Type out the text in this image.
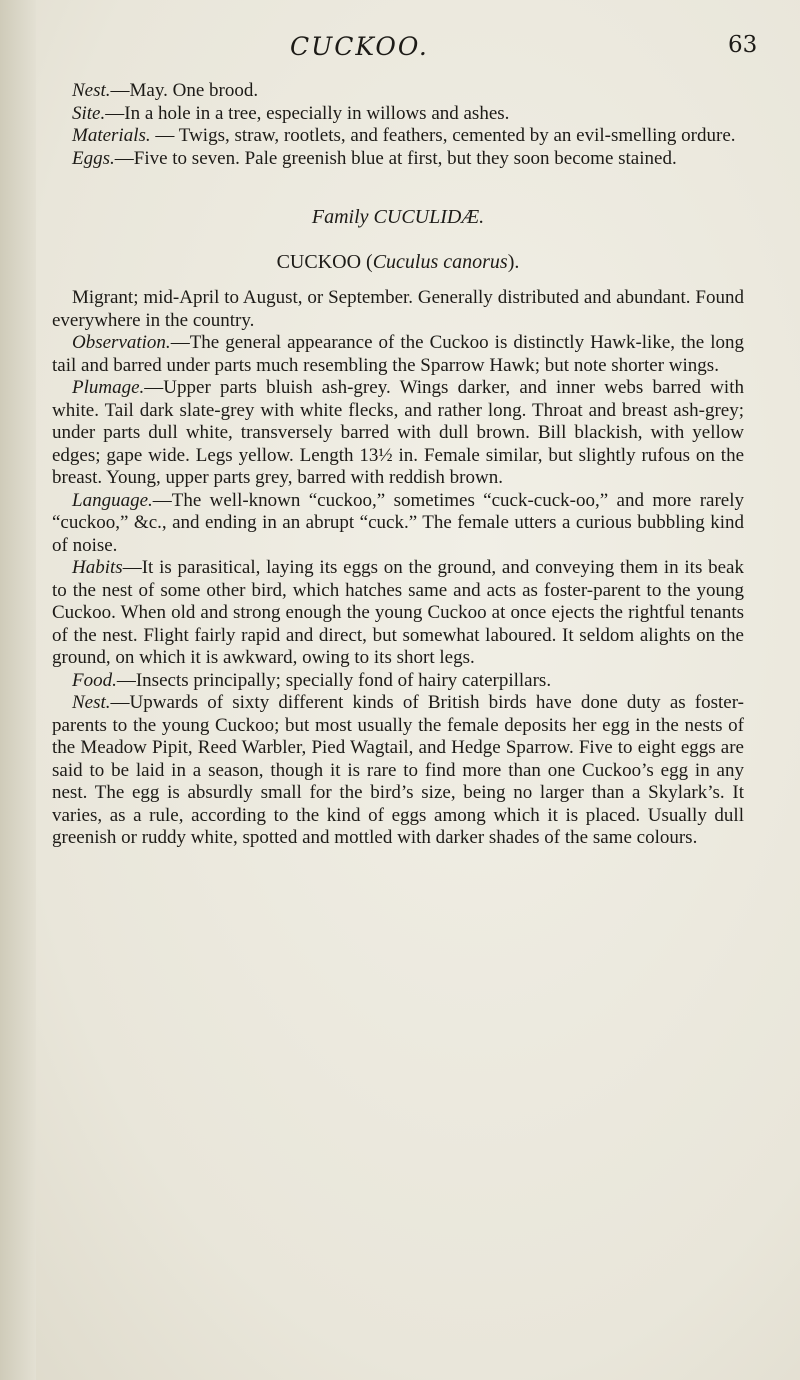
CUCKOO.	63

Nest.—May. One brood.

Site.—In a hole in a tree, especially in willows and ashes.

Materials. — Twigs, straw, rootlets, and feathers, cemented by an evil-smelling ordure.

Eggs.—Five to seven. Pale greenish blue at first, but they soon become stained.

Family CUCULIDÆ.

CUCKOO (Cuculus canorus).

Migrant; mid-April to August, or September. Generally distributed and abundant. Found everywhere in the country.

Observation.—The general appearance of the Cuckoo is distinctly Hawk-like, the long tail and barred under parts much resembling the Sparrow Hawk; but note shorter wings.

Plumage.—Upper parts bluish ash-grey. Wings darker, and inner webs barred with white. Tail dark slate-grey with white flecks, and rather long. Throat and breast ash-grey; under parts dull white, transversely barred with dull brown. Bill blackish, with yellow edges; gape wide. Legs yellow. Length 13½ in. Female similar, but slightly rufous on the breast. Young, upper parts grey, barred with reddish brown.

Language.—The well-known “cuckoo,” sometimes “cuck-cuck-oo,” and more rarely “cuckoo,” &c., and ending in an abrupt “cuck.” The female utters a curious bubbling kind of noise.

Habits—It is parasitical, laying its eggs on the ground, and conveying them in its beak to the nest of some other bird, which hatches same and acts as foster-parent to the young Cuckoo. When old and strong enough the young Cuckoo at once ejects the rightful tenants of the nest. Flight fairly rapid and direct, but somewhat laboured. It seldom alights on the ground, on which it is awkward, owing to its short legs.

Food.—Insects principally; specially fond of hairy caterpillars.

Nest.—Upwards of sixty different kinds of British birds have done duty as foster-parents to the young Cuckoo; but most usually the female deposits her egg in the nests of the Meadow Pipit, Reed Warbler, Pied Wagtail, and Hedge Sparrow. Five to eight eggs are said to be laid in a season, though it is rare to find more than one Cuckoo’s egg in any nest. The egg is absurdly small for the bird’s size, being no larger than a Skylark’s. It varies, as a rule, according to the kind of eggs among which it is placed. Usually dull greenish or ruddy white, spotted and mottled with darker shades of the same colours.
